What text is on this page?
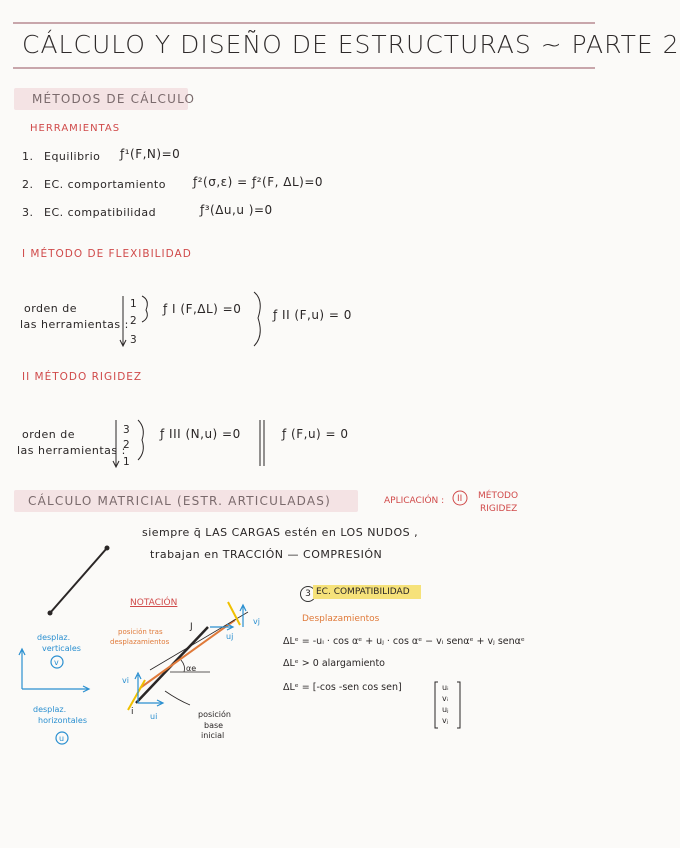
CÁLCULO Y DISEÑO DE ESTRUCTURAS ~ PARTE 2
MÉTODOS DE CÁLCULO
HERRAMIENTAS
1. Equilibrio ƒ¹(F,N)=0
2. EC. comportamiento ƒ²(σ,ε) = ƒ²(F, ΔL)=0
3. EC. compatibilidad	ƒ³(Δu,u )=0
I MÉTODO DE FLEXIBILIDAD
orden de
las herramientas :
1
2
3
ƒ I (F,ΔL) =0	ƒ II (F,u) = 0
II MÉTODO RIGIDEZ
orden de
las herramientas :
3
2
1
ƒ III (N,u) =0	ƒ (F,u) = 0
CÁLCULO MATRICIAL (ESTR. ARTICULADAS)	APLICACIÓN : II MÉTODO
RIGIDEZ
siempre q̄ LAS CARGAS estén en LOS NUDOS ,
trabajan en TRACCIÓN — COMPRESIÓN
NOTACIÓN
posición tras
desplazamientos
desplaz.
verticales
v
desplaz.
horizontales
u
posición
base
inicial
i
J
uj
vj
vi
ui
αe
3 EC. COMPATIBILIDAD
Desplazamientos
ΔLᵉ = -uᵢ · cos αᵉ + uⱼ · cos αᵉ − vᵢ senαᵉ + vⱼ senαᵉ
ΔLᵉ > 0 alargamiento
ΔLᵉ = [-cos -sen cos sen]	uᵢ
vᵢ
uⱼ
vⱼ
